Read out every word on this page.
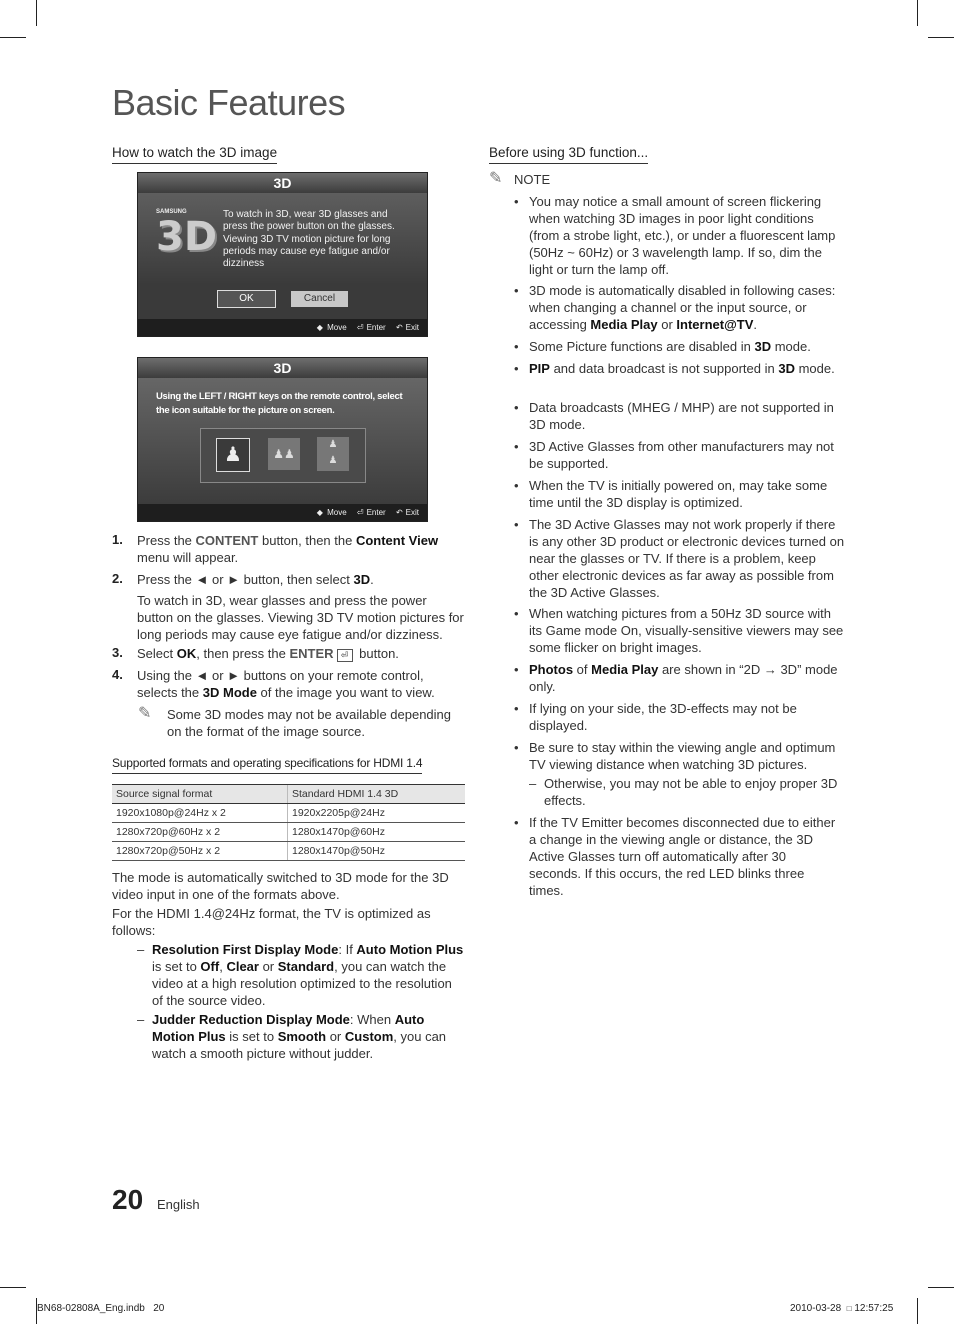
Basic Features
How to watch the 3D image
3D
SAMSUNG
3D To watch in 3D, wear 3D glasses and press the power button on the glasses. Viewing 3D TV motion picture for long periods may cause eye fatigue and/or dizziness
OK	Cancel
◆ Move ⏎ Enter ↶ Exit
3D
Using the LEFT / RIGHT keys on the remote control, select the icon suitable for the picture on screen.
♟	♟♟
♟
♟
◆ Move ⏎ Enter ↶ Exit
1. Press the CONTENT button, then the Content View
menu will appear.
2. Press the ◄ or ► button, then select 3D.
To watch in 3D, wear glasses and press the power button on the glasses. Viewing 3D TV motion pictures for long periods may cause eye fatigue and/or dizziness.
3. Select OK, then press the ENTER ⏎ button.
4. Using the ◄ or ► buttons on your remote control,
selects the 3D Mode of the image you want to view.
✎ Some 3D modes may not be available depending on the format of the image source.
Supported formats and operating specifications for HDMI 1.4
Source signal format	Standard HDMI 1.4 3D
1920x1080p@24Hz x 2	1920x2205p@24Hz
1280x720p@60Hz x 2	1280x1470p@60Hz
1280x720p@50Hz x 2	1280x1470p@50Hz
The mode is automatically switched to 3D mode for the 3D video input in one of the formats above.
For the HDMI 1.4@24Hz format, the TV is optimized as follows:
– Resolution First Display Mode: If Auto Motion Plus
is set to Off, Clear or Standard, you can watch the video at a high resolution optimized to the resolution of the source video.
– Judder Reduction Display Mode: When Auto Motion Plus is set to Smooth or Custom, you can watch a smooth picture without judder.
Before using 3D function...
✎ NOTE
• You may notice a small amount of screen flickering when watching 3D images in poor light conditions (from a strobe light, etc.), or under a fluorescent lamp (50Hz ~ 60Hz) or 3 wavelength lamp. If so, dim the light or turn the lamp off.
• 3D mode is automatically disabled in following cases: when changing a channel or the input source, or accessing Media Play or Internet@TV.
• Some Picture functions are disabled in 3D mode.
• PIP and data broadcast is not supported in 3D mode.
• Data broadcasts (MHEG / MHP) are not supported in 3D mode.
• 3D Active Glasses from other manufacturers may not be supported.
• When the TV is initially powered on, may take some time until the 3D display is optimized.
• The 3D Active Glasses may not work properly if there is any other 3D product or electronic devices turned on near the glasses or TV. If there is a problem, keep other electronic devices as far away as possible from the 3D Active Glasses.
• When watching pictures from a 50Hz 3D source with its Game mode On, visually-sensitive viewers may see some flicker on bright images.
• Photos of Media Play are shown in “2D → 3D” mode only.
• If lying on your side, the 3D-effects may not be displayed.
• Be sure to stay within the viewing angle and optimum TV viewing distance when watching 3D pictures.
– Otherwise, you may not be able to enjoy proper 3D effects.
• If the TV Emitter becomes disconnected due to either a change in the viewing angle or distance, the 3D Active Glasses turn off automatically after 30 seconds. If this occurs, the red LED blinks three times.
20 English
BN68-02808A_Eng.indb   20	2010-03-28 □ 12:57:25
